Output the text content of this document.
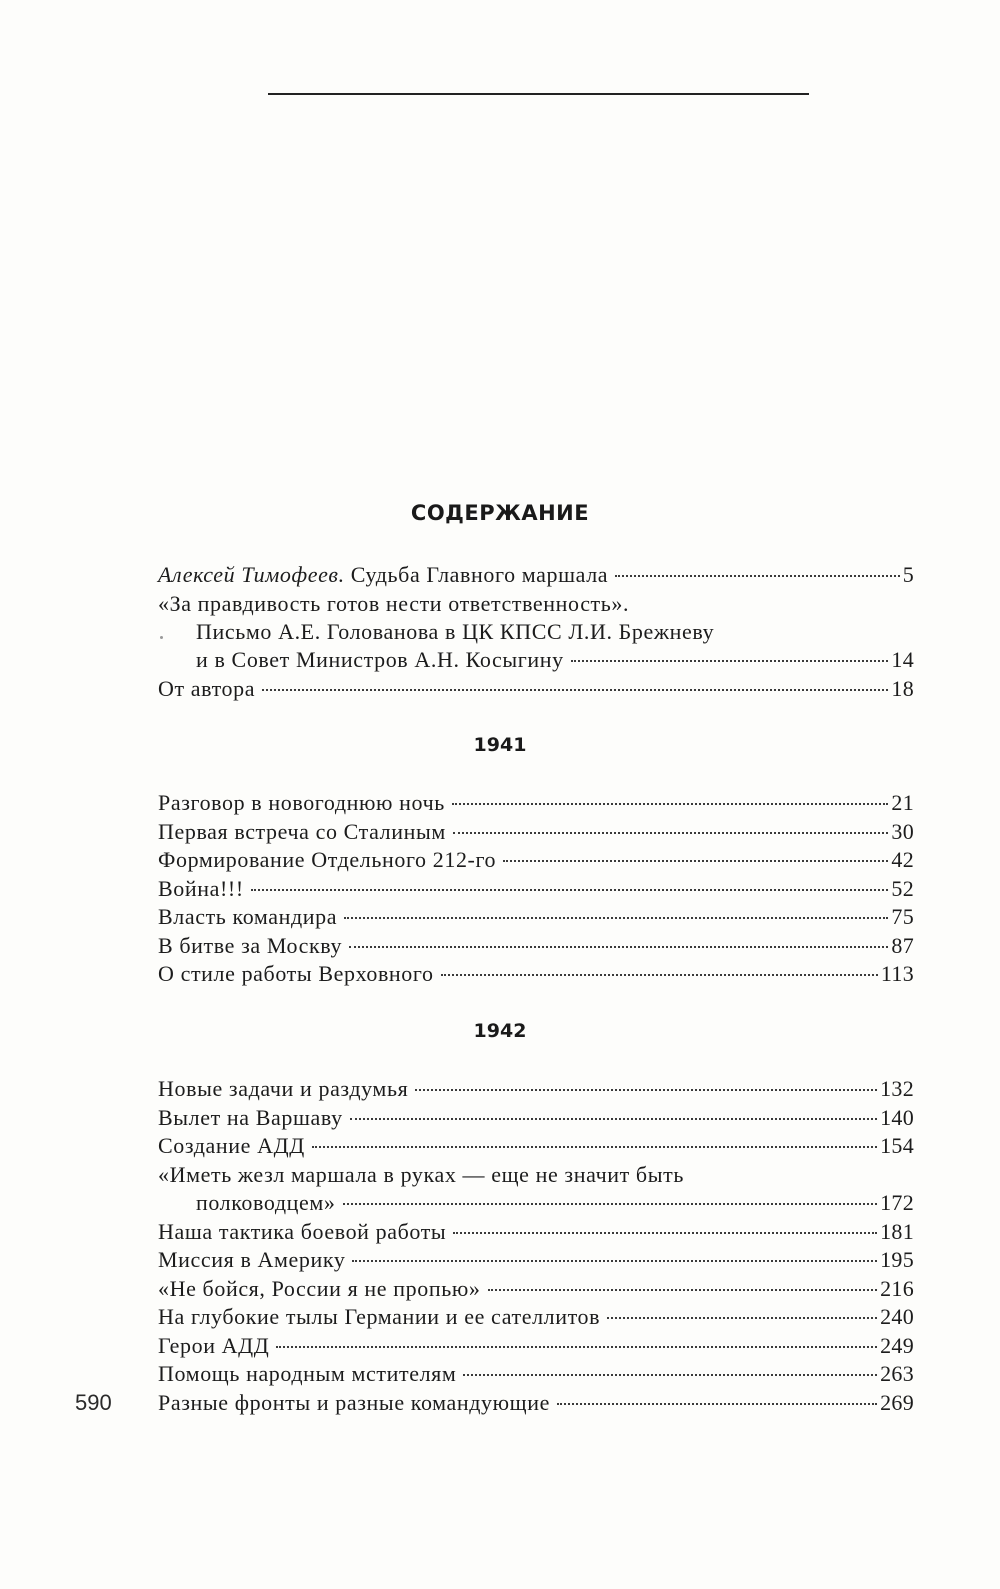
СОДЕРЖАНИЕ
Алексей Тимофеев.
Судьба Главного маршала	5
«За правдивость готов нести ответственность».
Письмо А.Е. Голованова в ЦК КПСС Л.И. Брежневу
и в Совет Министров А.Н. Косыгину	14
От автора	18
1941
Разговор в новогоднюю ночь	21
Первая встреча со Сталиным	30
Формирование Отдельного 212-го	42
Война!!!	52
Власть командира	75
В битве за Москву	87
О стиле работы Верховного	113
1942
Новые задачи и раздумья	132
Вылет на Варшаву	140
Создание АДД	154
«Иметь жезл маршала в руках — еще не значит быть
полководцем»	172
Наша тактика боевой работы	181
Миссия в Америку	195
«Не бойся, России я не пропью»	216
На глубокие тылы Германии и ее сателлитов	240
Герои АДД	249
Помощь народным мстителям	263
Разные фронты и разные командующие	269
590
